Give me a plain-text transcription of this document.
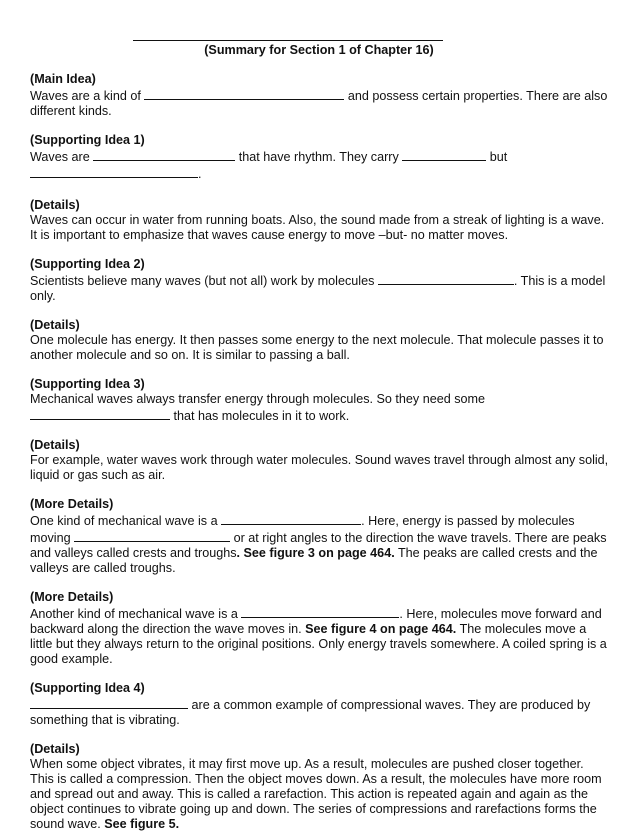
(Summary for Section 1 of Chapter 16)
(Main Idea)
Waves are a kind of	and possess certain properties. There are also different kinds.
(Supporting Idea 1)
Waves are	that have rhythm. They carry	but
.
(Details)
Waves can occur in water from running boats. Also, the sound made from a streak of lighting is a wave. It is important to emphasize that waves cause energy to move –but- no matter moves.
(Supporting Idea 2)
Scientists believe many waves (but not all) work by molecules	. This is a model only.
(Details)
One molecule has energy. It then passes some energy to the next molecule. That molecule passes it to another molecule and so on. It is similar to passing a ball.
(Supporting Idea 3)
Mechanical waves always transfer energy through molecules. So they need some
that has molecules in it to work.
(Details)
For example, water waves work through water molecules. Sound waves travel through almost any solid, liquid or gas such as air.
(More Details)
One kind of mechanical wave is a	. Here, energy is passed by molecules moving	or at right angles to the direction the wave travels. There are peaks and valleys called crests and troughs. See figure 3 on page 464. The peaks are called crests and the valleys are called troughs.
(More Details)
Another kind of mechanical wave is a	. Here, molecules move forward and backward along the direction the wave moves in. See figure 4 on page 464. The molecules move a little but they always return to the original positions. Only energy travels somewhere. A coiled spring is a good example.
(Supporting Idea 4)
are a common example of compressional waves. They are produced by something that is vibrating.
(Details)
When some object vibrates, it may first move up. As a result, molecules are pushed closer together. This is called a compression. Then the object moves down. As a result, the molecules have more room and spread out and away. This is called a rarefaction. This action is repeated again and again as the object continues to vibrate going up and down. The series of compressions and rarefactions forms the sound wave. See figure 5.
